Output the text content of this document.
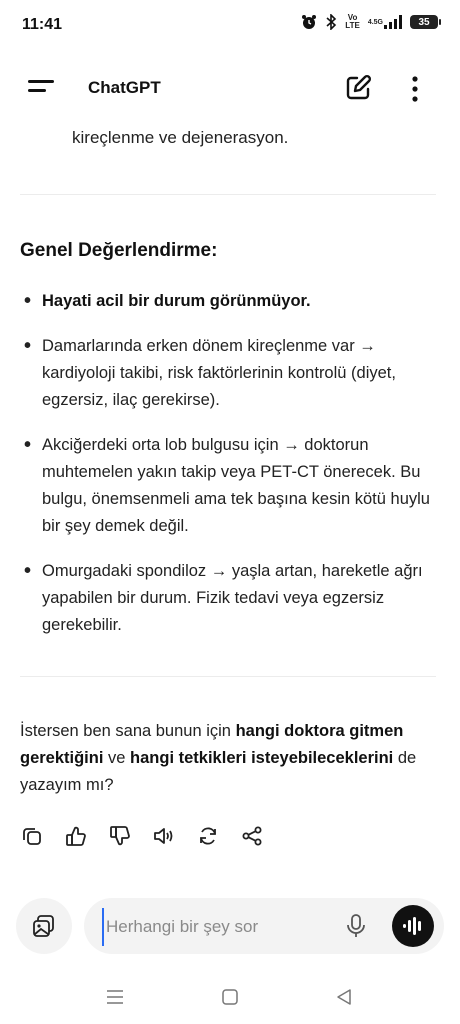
11:41	Vo
LTE 4.5G	35
ChatGPT
kireçlenme ve dejenerasyon.
Genel Değerlendirme:
• Hayati acil bir durum görünmüyor.
• Damarlarında erken dönem kireçlenme var → kardiyoloji takibi, risk faktörlerinin kontrolü (diyet, egzersiz, ilaç gerekirse).
• Akciğerdeki orta lob bulgusu için → doktorun muhtemelen yakın takip veya PET-CT önerecek. Bu bulgu, önemsenmeli ama tek başına kesin kötü huylu bir şey demek değil.
• Omurgadaki spondiloz → yaşla artan, hareketle ağrı yapabilen bir durum. Fizik tedavi veya egzersiz gerekebilir.
İstersen ben sana bunun için hangi doktora gitmen gerektiğini ve hangi tetkikleri isteyebileceklerini de yazayım mı?
Herhangi bir şey sor
